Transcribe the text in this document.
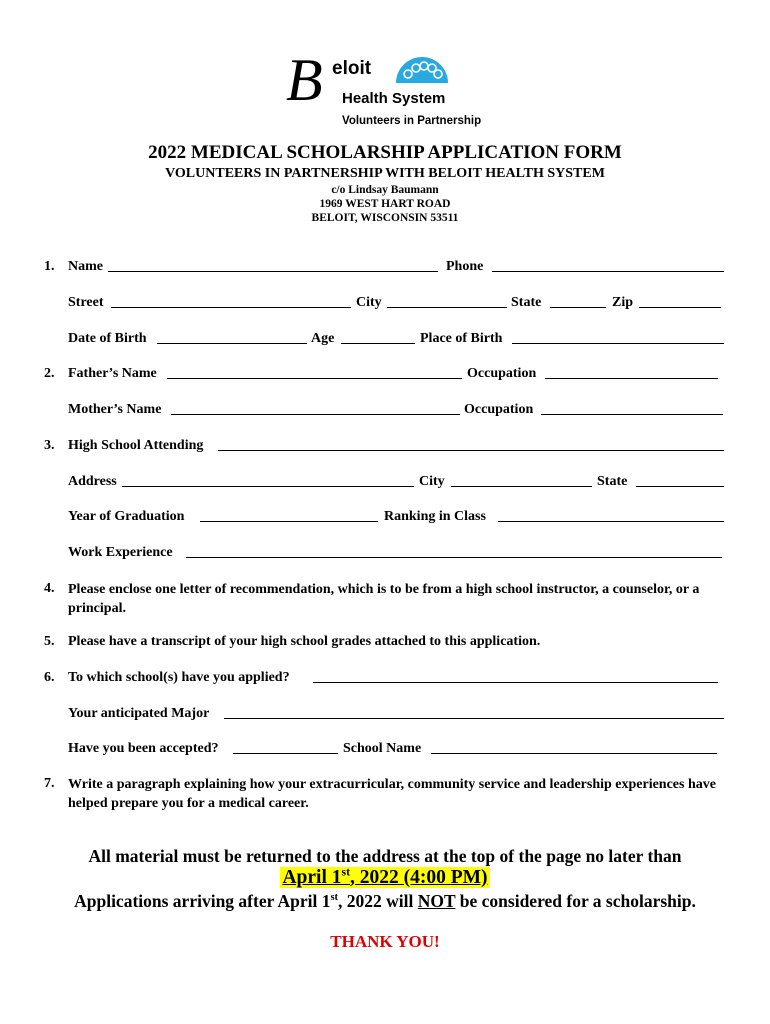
B eloit
Health System
Volunteers in Partnership
2022 MEDICAL SCHOLARSHIP APPLICATION FORM
VOLUNTEERS IN PARTNERSHIP WITH BELOIT HEALTH SYSTEM
c/o Lindsay Baumann
1969 WEST HART ROAD
BELOIT, WISCONSIN 53511
1. Name	Phone
Street	City	State	Zip
Date of Birth	Age	Place of Birth
2. Father’s Name	Occupation
Mother’s Name	Occupation
3. High School Attending
Address	City	State
Year of Graduation	Ranking in Class
Work Experience
4. Please enclose one letter of recommendation, which is to be from a high school instructor, a counselor, or a principal.
5. Please have a transcript of your high school grades attached to this application.
6. To which school(s) have you applied?
Your anticipated Major
Have you been accepted?	School Name
7. Write a paragraph explaining how your extracurricular, community service and leadership experiences have helped prepare you for a medical career.
All material must be returned to the address at the top of the page no later than
April 1st, 2022 (4:00 PM)
Applications arriving after April 1st, 2022 will NOT be considered for a scholarship.
THANK YOU!
